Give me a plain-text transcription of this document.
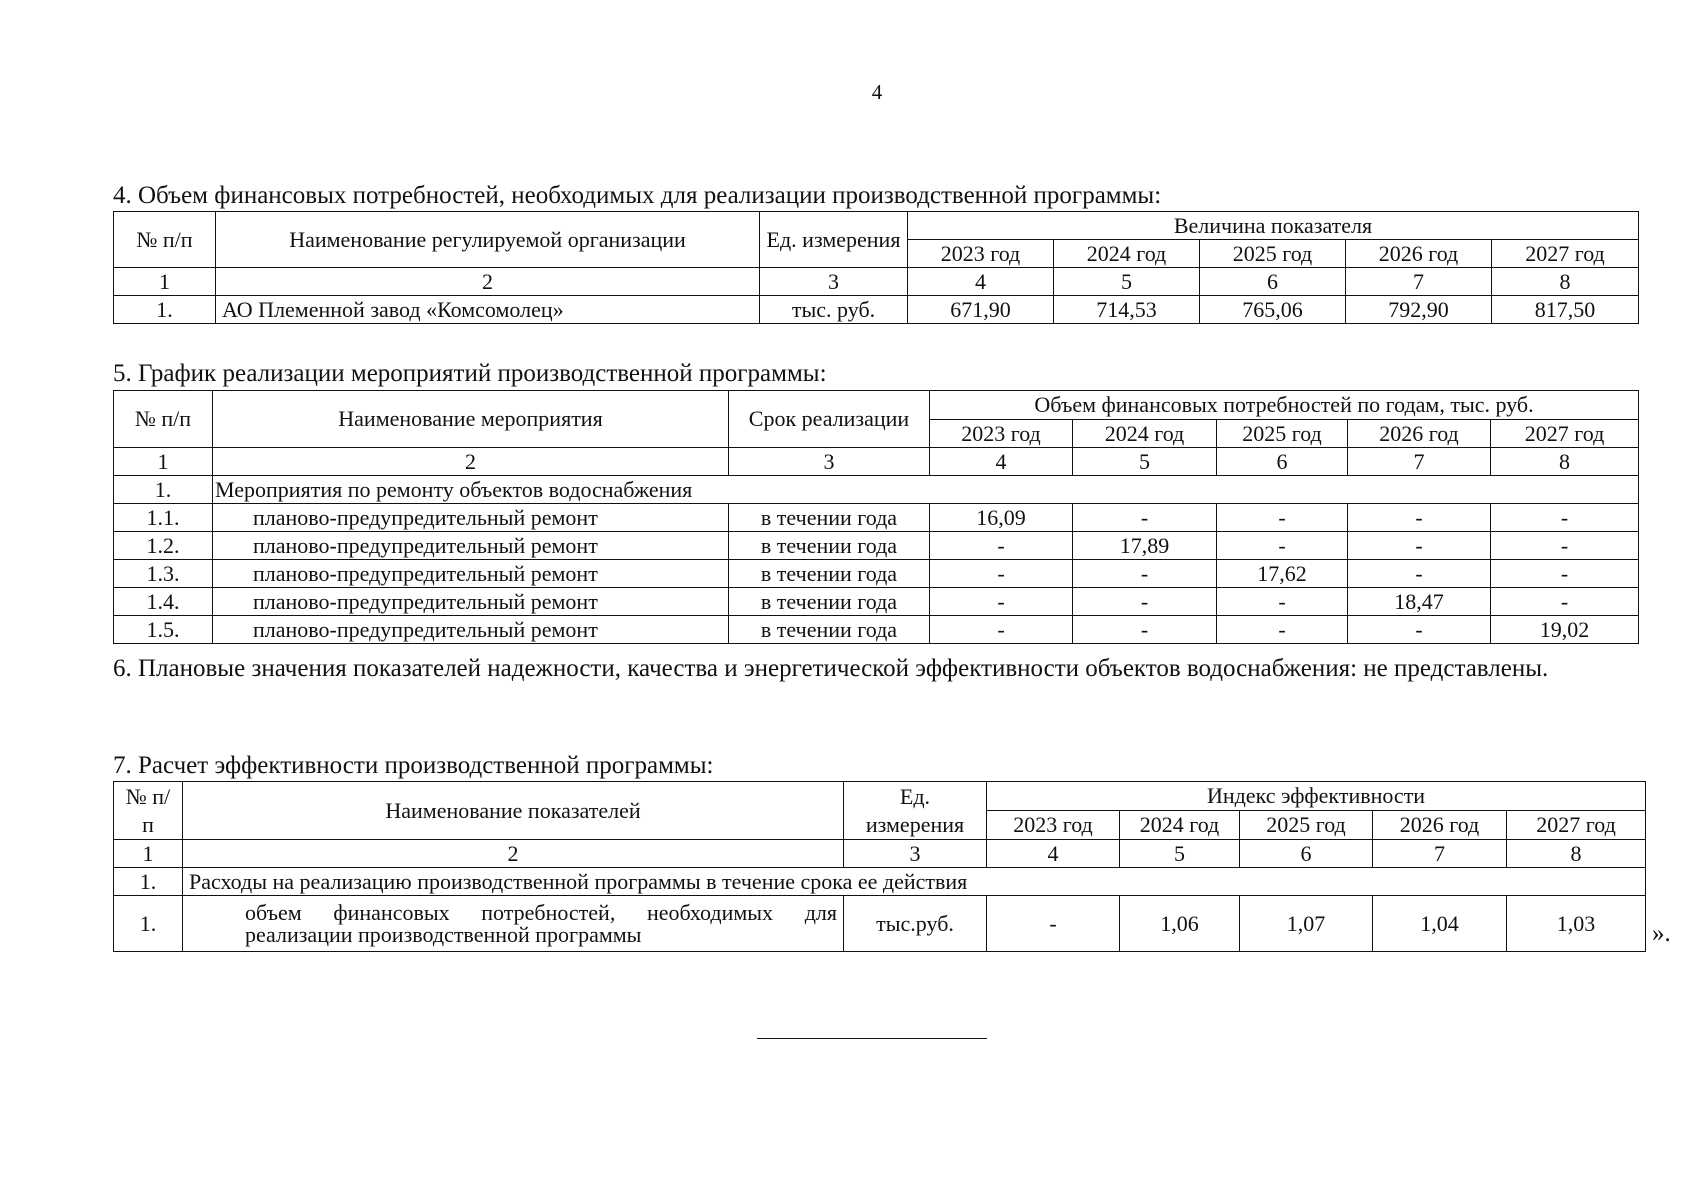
4
4. Объем финансовых потребностей, необходимых для реализации производственной программы:
№ п/п	Наименование регулируемой организации	Ед. измерения	Величина показателя				
			2023 год	2024 год	2025 год	2026 год	2027 год
1	2	3	4	5	6	7	8
1.	АО Племенной завод «Комсомолец»	тыс. руб.	671,90	714,53	765,06	792,90	817,50
5. График реализации мероприятий производственной программы:
№ п/п	Наименование мероприятия	Срок реализации	Объем финансовых потребностей по годам, тыс. руб.				
			2023 год	2024 год	2025 год	2026 год	2027 год
1	2	3	4	5	6	7	8
1.	Мероприятия по ремонту объектов водоснабжения						
1.1.	планово-предупредительный ремонт	в течении года	16,09	-	-	-	-
1.2.	планово-предупредительный ремонт	в течении года	-	17,89	-	-	-
1.3.	планово-предупредительный ремонт	в течении года	-	-	17,62	-	-
1.4.	планово-предупредительный ремонт	в течении года	-	-	-	18,47	-
1.5.	планово-предупредительный ремонт	в течении года	-	-	-	-	19,02
6. Плановые значения показателей надежности, качества и энергетической эффективности объектов водоснабжения: не представлены.
7. Расчет эффективности производственной программы:
№ п/п	Наименование показателей	Ед. измерения	Индекс эффективности				
			2023 год	2024 год	2025 год	2026 год	2027 год
1	2	3	4	5	6	7	8
1.	Расходы на реализацию производственной программы в течение срока ее действия						
1.	объем финансовых потребностей, необходимых для реализации производственной программы	тыс.руб.	-	1,06	1,07	1,04	1,03 ».
